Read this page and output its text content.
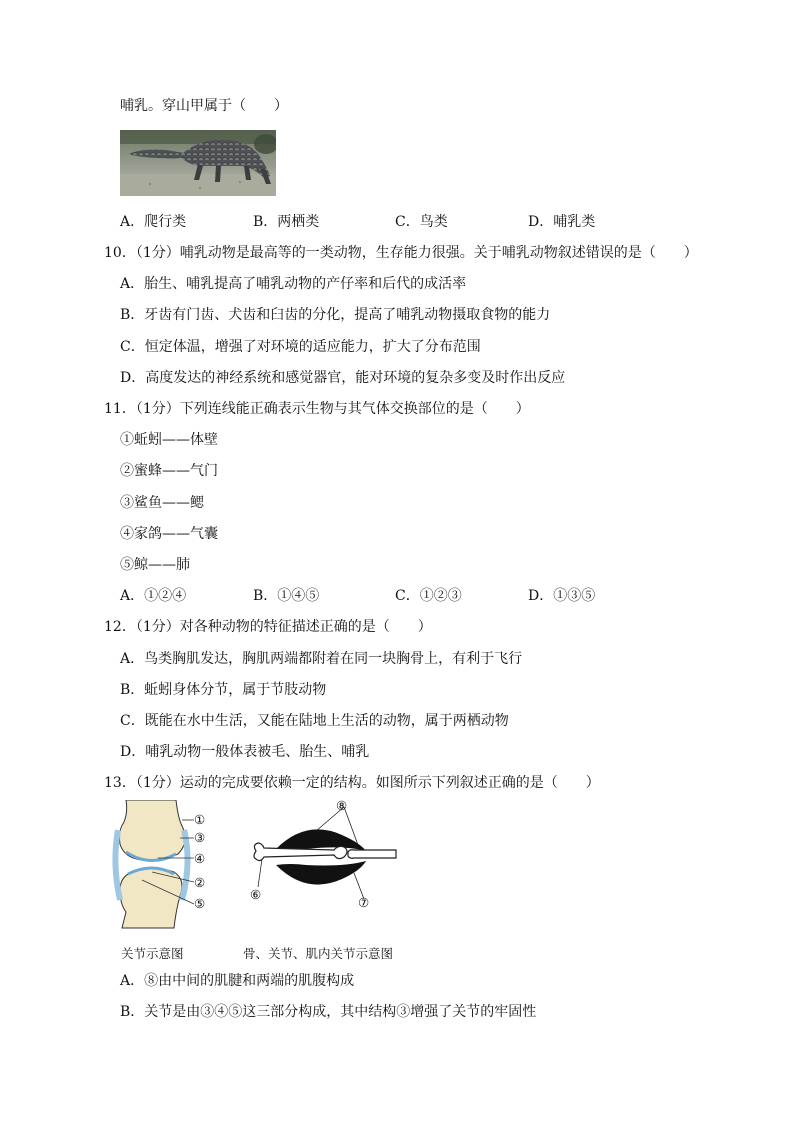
哺乳。穿山甲属于（　　）
A．爬行类	B．两栖类	C．鸟类	D．哺乳类
10．（1分）哺乳动物是最高等的一类动物，生存能力很强。关于哺乳动物叙述错误的是（　　）
A．胎生、哺乳提高了哺乳动物的产仔率和后代的成活率
B．牙齿有门齿、犬齿和臼齿的分化，提高了哺乳动物摄取食物的能力
C．恒定体温，增强了对环境的适应能力，扩大了分布范围
D．高度发达的神经系统和感觉器官，能对环境的复杂多变及时作出反应
11．（1分）下列连线能正确表示生物与其气体交换部位的是（　　）
①蚯蚓——体壁
②蜜蜂——气门
③鲨鱼——鳃
④家鸽——气囊
⑤鲸——肺
A．①②④	B．①④⑤	C．①②③	D．①③⑤
12．（1分）对各种动物的特征描述正确的是（　　）
A．鸟类胸肌发达，胸肌两端都附着在同一块胸骨上，有利于飞行
B．蚯蚓身体分节，属于节肢动物
C．既能在水中生活，又能在陆地上生活的动物，属于两栖动物
D．哺乳动物一般体表被毛、胎生、哺乳
13．（1分）运动的完成要依赖一定的结构。如图所示下列叙述正确的是（　　）
①
③
④
②
⑤
⑧
⑥
⑦
关节示意图	骨、关节、肌内关节示意图
A．⑧由中间的肌腱和两端的肌腹构成
B．关节是由③④⑤这三部分构成，其中结构③增强了关节的牢固性
